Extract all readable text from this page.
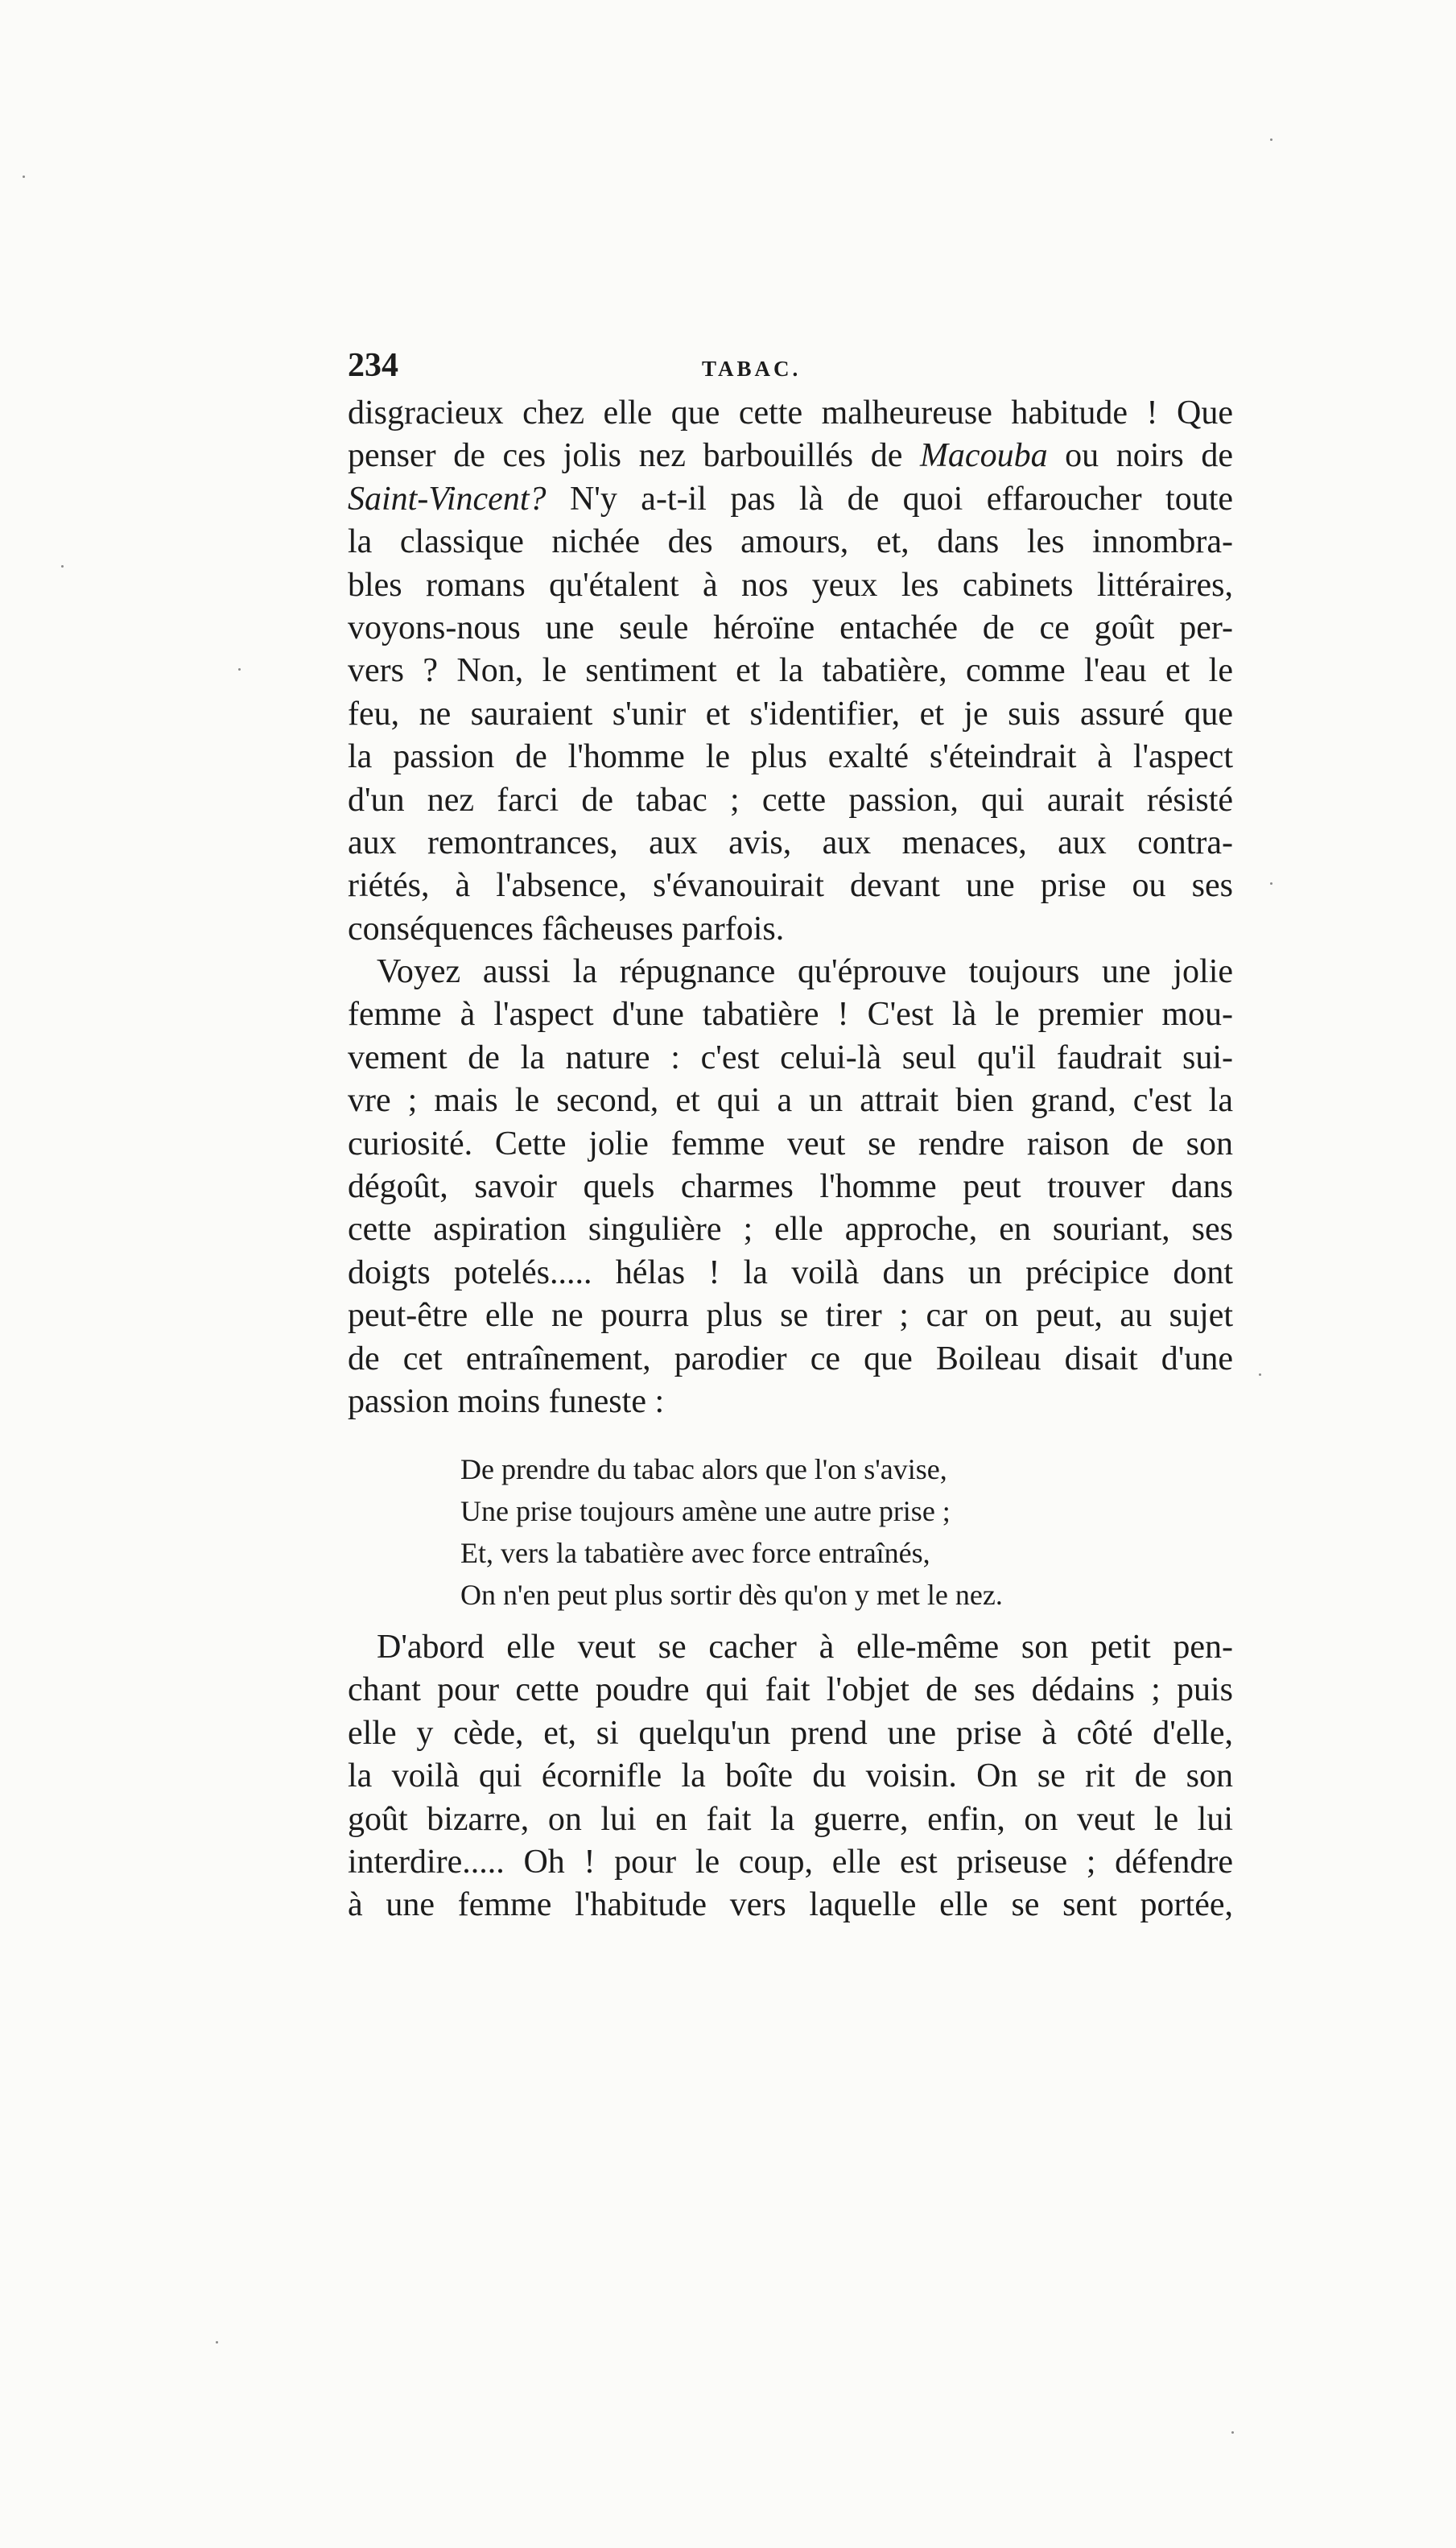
234	TABAC.
disgracieux chez elle que cette malheureuse habitude ! Que
penser de ces jolis nez barbouillés de Macouba ou noirs de
Saint-Vincent? N'y a-t-il pas là de quoi effaroucher toute
la classique nichée des amours, et, dans les innombra-
bles romans qu'étalent à nos yeux les cabinets littéraires,
voyons-nous une seule héroïne entachée de ce goût per-
vers ? Non, le sentiment et la tabatière, comme l'eau et le
feu, ne sauraient s'unir et s'identifier, et je suis assuré que
la passion de l'homme le plus exalté s'éteindrait à l'aspect
d'un nez farci de tabac ; cette passion, qui aurait résisté
aux remontrances, aux avis, aux menaces, aux contra-
riétés, à l'absence, s'évanouirait devant une prise ou ses
conséquences fâcheuses parfois.
Voyez aussi la répugnance qu'éprouve toujours une jolie
femme à l'aspect d'une tabatière ! C'est là le premier mou-
vement de la nature : c'est celui-là seul qu'il faudrait sui-
vre ; mais le second, et qui a un attrait bien grand, c'est la
curiosité. Cette jolie femme veut se rendre raison de son
dégoût, savoir quels charmes l'homme peut trouver dans
cette aspiration singulière ; elle approche, en souriant, ses
doigts potelés..... hélas ! la voilà dans un précipice dont
peut-être elle ne pourra plus se tirer ; car on peut, au sujet
de cet entraînement, parodier ce que Boileau disait d'une
passion moins funeste :
De prendre du tabac alors que l'on s'avise,
Une prise toujours amène une autre prise ;
Et, vers la tabatière avec force entraînés,
On n'en peut plus sortir dès qu'on y met le nez.
D'abord elle veut se cacher à elle-même son petit pen-
chant pour cette poudre qui fait l'objet de ses dédains ; puis
elle y cède, et, si quelqu'un prend une prise à côté d'elle,
la voilà qui écornifle la boîte du voisin. On se rit de son
goût bizarre, on lui en fait la guerre, enfin, on veut le lui
interdire..... Oh ! pour le coup, elle est priseuse ; défendre
à une femme l'habitude vers laquelle elle se sent portée,
